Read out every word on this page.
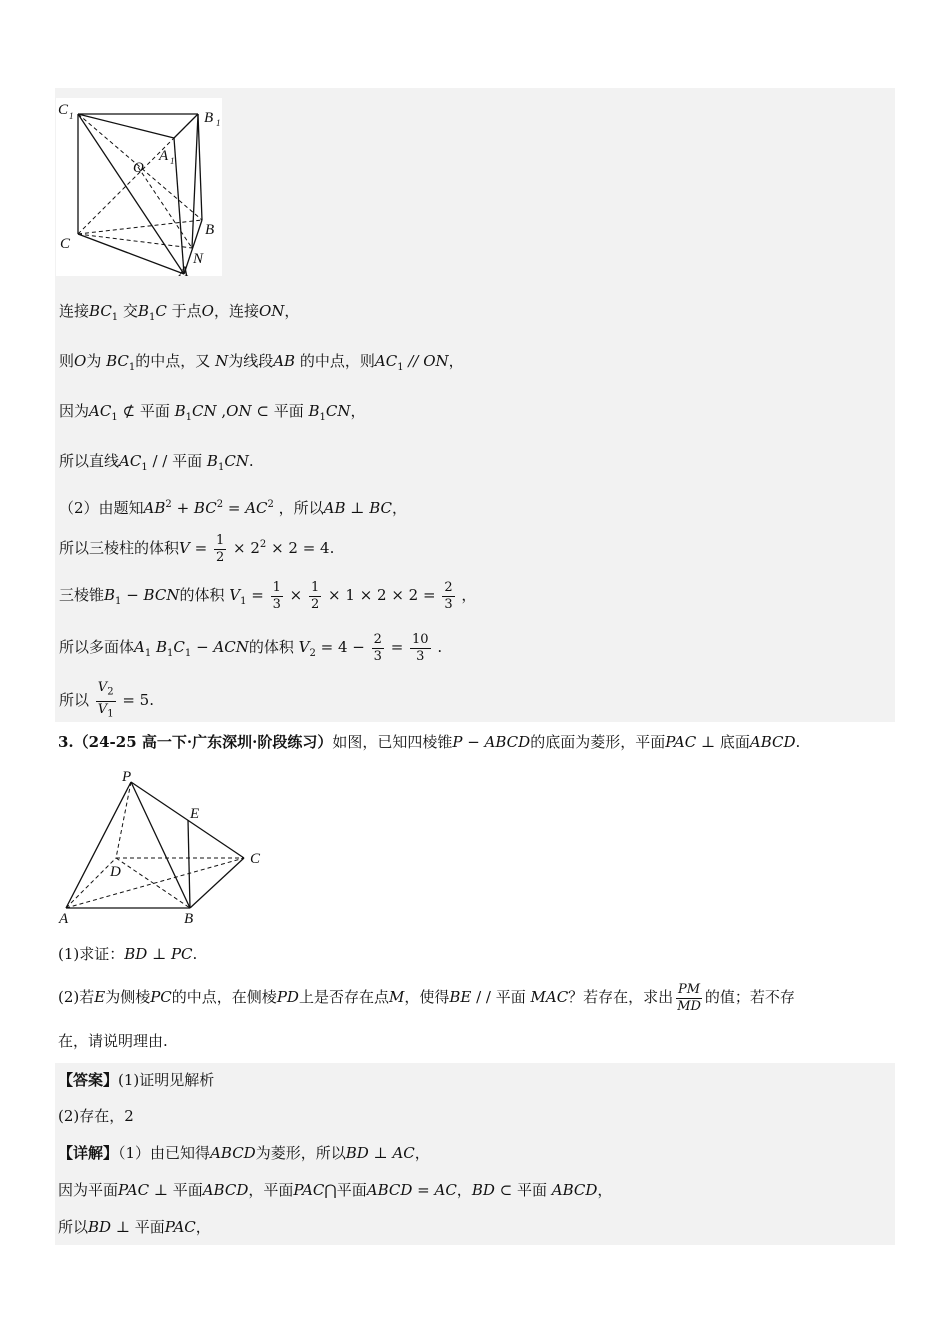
C 1	B 1
O
A 1
C
B
N
A
连接$BC_1$ 交$B_1C$ 于点O，连接ON，
则O为 $BC_1$的中点，又 N为线段AB 的中点，则$AC_1$ // ON，
因为$AC_1$ ⊄ 平面 $B_1CN$ ,ON ⊂ 平面 $B_1CN$，
所以直线$AC_1$ / / 平面 $B_1CN$.
（2）由题知$AB^2 + BC^2 = AC^2$ ，所以AB ⊥ BC，
所以三棱柱的体积$V = \frac{1}{2} \times 2^2 \times 2 = 4$.
三棱锥$B_1$ − BCN的体积 $V_1 = \frac{1}{3} \times \frac{1}{2} \times 1 \times 2 \times 2 = \frac{2}{3}$ ，
所以多面体$A_1$ $B_1C_1$ − ACN的体积 $V_2 = 4 - \frac{2}{3} = \frac{10}{3}$ .
所以 $\frac{V_2}{V_1} = 5$.
3.（24-25 高一下·广东深圳·阶段练习）如图，已知四棱锥P − ABCD的底面为菱形，平面PAC ⊥ 底面ABCD.
P
E
D
C
A	B
(1)求证：BD ⊥ PC.
(2)若E为侧棱PC的中点，在侧棱PD上是否存在点M，使得BE / / 平面 MAC？若存在，求出 $\frac{PM}{MD}$ 的值；若不存
在，请说明理由.
【答案】(1)证明见解析
(2)存在，2
【详解】（1）由已知得ABCD为菱形，所以BD ⊥ AC，
因为平面PAC ⊥ 平面ABCD，平面PAC⋂平面ABCD = AC，BD ⊂ 平面 ABCD，
所以BD ⊥ 平面PAC，
